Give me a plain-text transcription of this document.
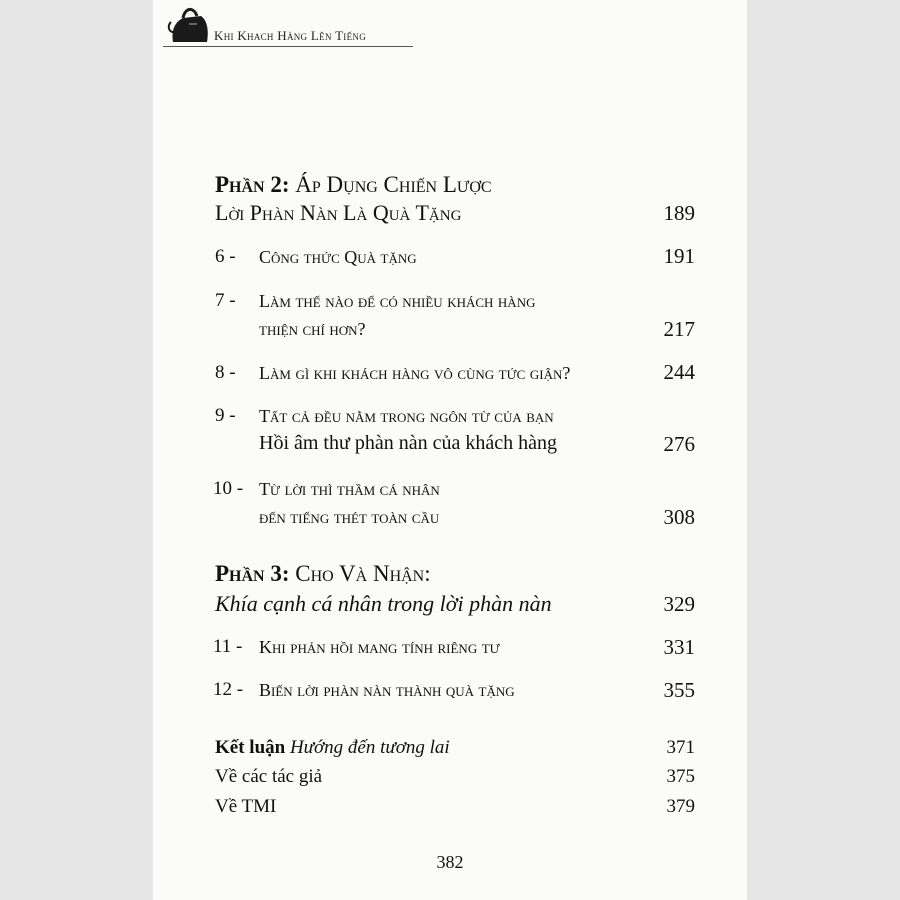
Khi Khach Hàng Lên Tiếng
Phần 2: Áp Dụng Chiến Lược
Lời Phàn Nàn Là Quà Tặng	189
6 - Công thức Quà tặng	191
7 - Làm thế nào để có nhiều khách hàng
thiện chí hơn?	217
8 - Làm gì khi khách hàng vô cùng tức giận?	244
9 - Tất cả đều nằm trong ngôn từ của bạn
Hồi âm thư phàn nàn của khách hàng	276
10 - Từ lời thì thầm cá nhân
đến tiếng thét toàn cầu	308
Phần 3: Cho Và Nhận:
Khía cạnh cá nhân trong lời phàn nàn	329
11 - Khi phản hồi mang tính riêng tư	331
12 - Biến lời phàn nàn thành quà tặng	355
Kết luận Hướng đến tương lai	371
Về các tác giả	375
Về TMI	379
382
